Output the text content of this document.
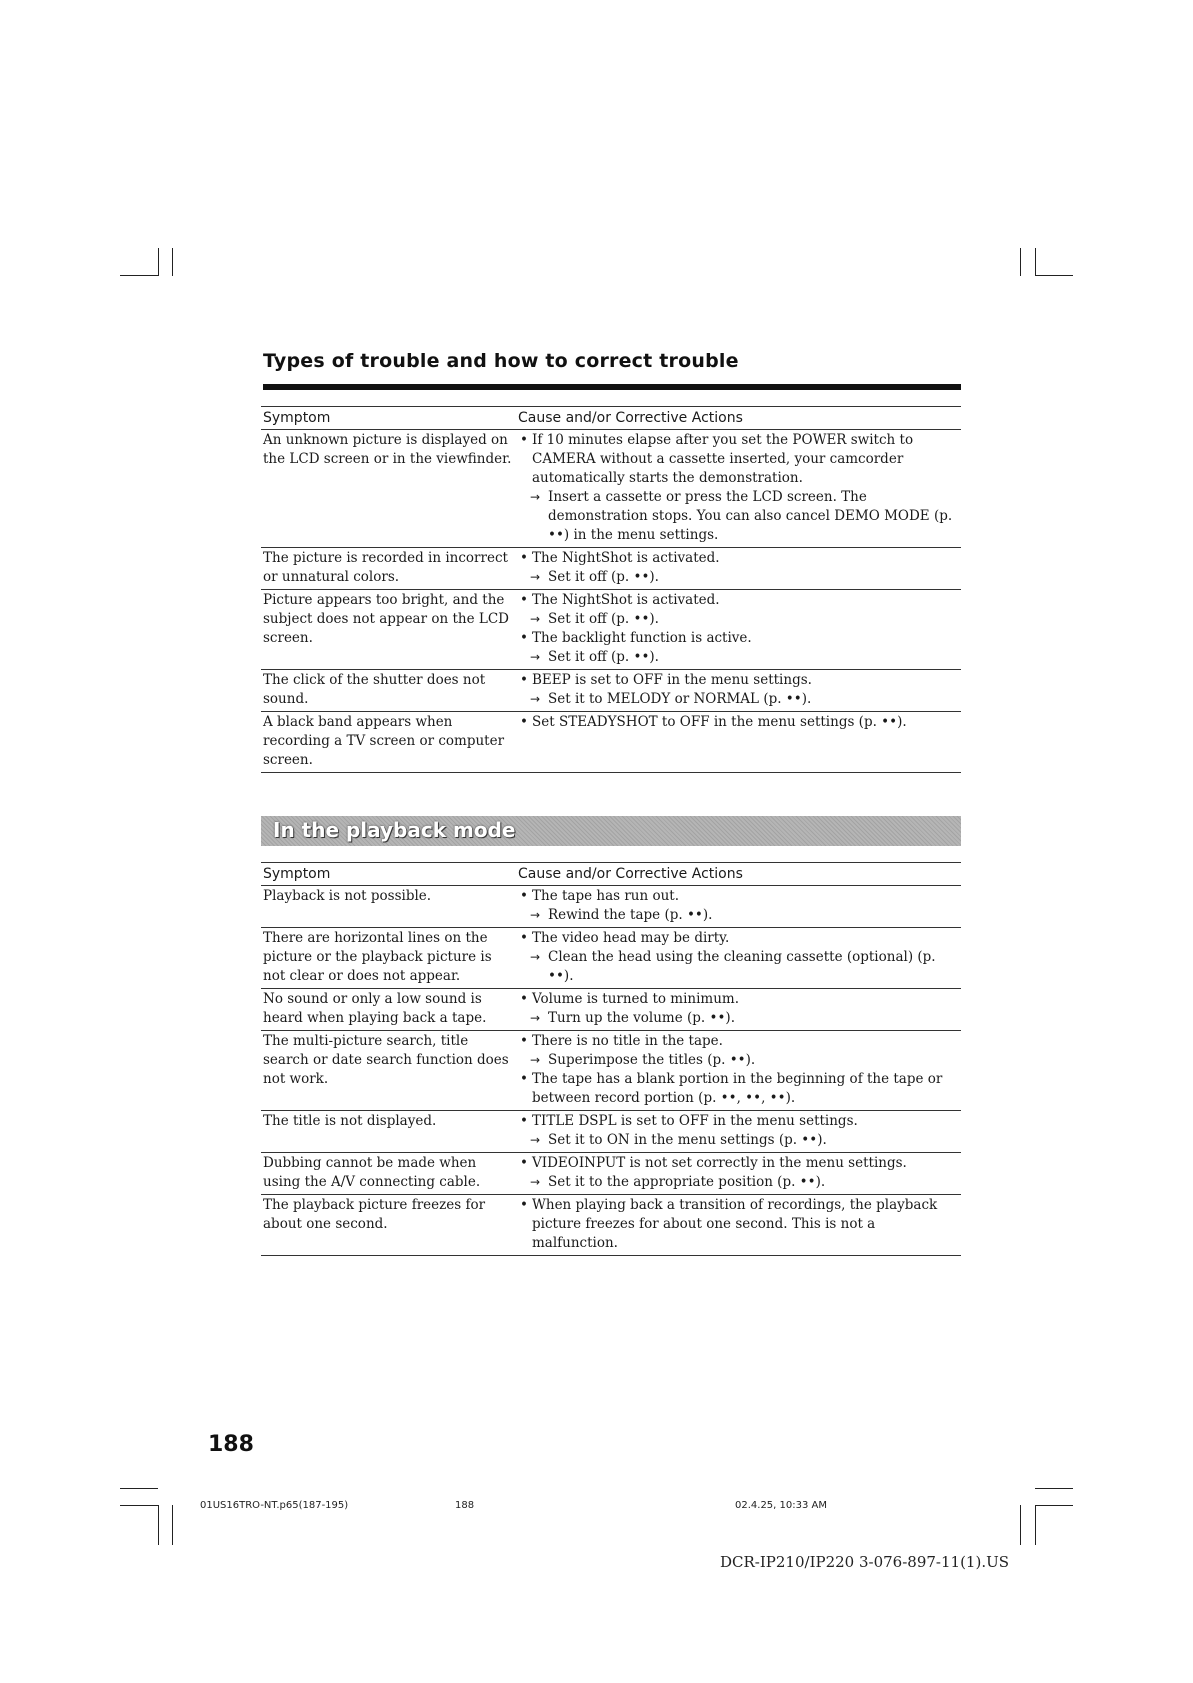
Types of trouble and how to correct trouble
Symptom	Cause and/or Corrective Actions
An unknown picture is displayed on the LCD screen or in the viewfinder.	• If 10 minutes elapse after you set the POWER switch to CAMERA without a cassette inserted, your camcorder automatically starts the demonstration.
→ Insert a cassette or press the LCD screen. The demonstration stops. You can also cancel DEMO MODE (p. ••) in the menu settings.

The picture is recorded in incorrect or unnatural colors.	• The NightShot is activated.
→ Set it off (p. ••).

Picture appears too bright, and the subject does not appear on the LCD screen.	• The NightShot is activated.
→ Set it off (p. ••).
• The backlight function is active.
→ Set it off (p. ••).

The click of the shutter does not sound.	• BEEP is set to OFF in the menu settings.
→ Set it to MELODY or NORMAL (p. ••).

A black band appears when recording a TV screen or computer screen.	• Set STEADYSHOT to OFF in the menu settings (p. ••).
In the playback mode
Symptom	Cause and/or Corrective Actions
Playback is not possible.	• The tape has run out.
→ Rewind the tape (p. ••).

There are horizontal lines on the picture or the playback picture is not clear or does not appear.	• The video head may be dirty.
→ Clean the head using the cleaning cassette (optional) (p. ••).

No sound or only a low sound is heard when playing back a tape.	• Volume is turned to minimum.
→ Turn up the volume (p. ••).

The multi-picture search, title search or date search function does not work.	• There is no title in the tape.
→ Superimpose the titles (p. ••).
• The tape has a blank portion in the beginning of the tape or between record portion (p. ••, ••, ••).

The title is not displayed.	• TITLE DSPL is set to OFF in the menu settings.
→ Set it to ON in the menu settings (p. ••).

Dubbing cannot be made when using the A/V connecting cable.	• VIDEOINPUT is not set correctly in the menu settings.
→ Set it to the appropriate position (p. ••).

The playback picture freezes for about one second.	• When playing back a transition of recordings, the playback picture freezes for about one second. This is not a malfunction.
188
01US16TRO-NT.p65(187-195)	188	02.4.25, 10:33 AM
DCR-IP210/IP220 3-076-897-11(1).US
